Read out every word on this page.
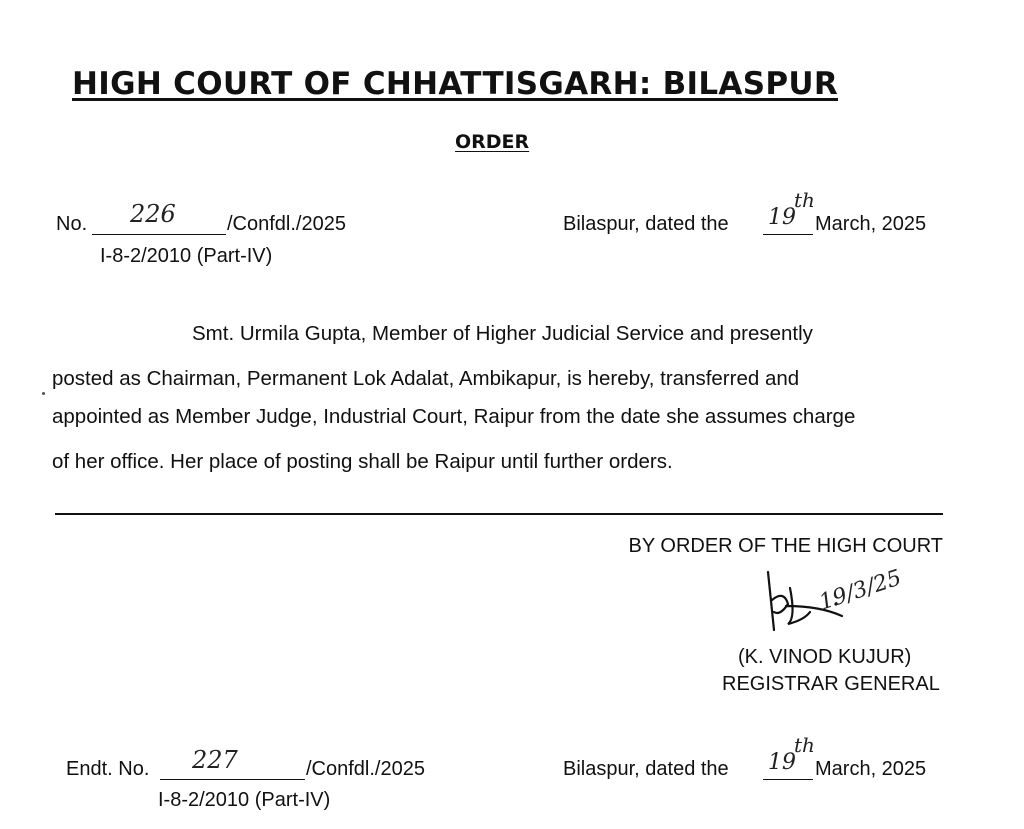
HIGH COURT OF CHHATTISGARH: BILASPUR
ORDER
No. 226	/Confdl./2025
I-8-2/2010 (Part-IV)
Bilaspur, dated the 19
th
March, 2025
Smt. Urmila Gupta, Member of Higher Judicial Service and presently
posted as Chairman, Permanent Lok Adalat, Ambikapur, is hereby, transferred and
appointed as Member Judge, Industrial Court, Raipur from the date she assumes charge
of her office. Her place of posting shall be Raipur until further orders.
BY ORDER OF THE HIGH COURT
19/3/25
(K. VINOD KUJUR)
REGISTRAR GENERAL
Endt. No. 227	/Confdl./2025
I-8-2/2010 (Part-IV)
Bilaspur, dated the 19
th
March, 2025
